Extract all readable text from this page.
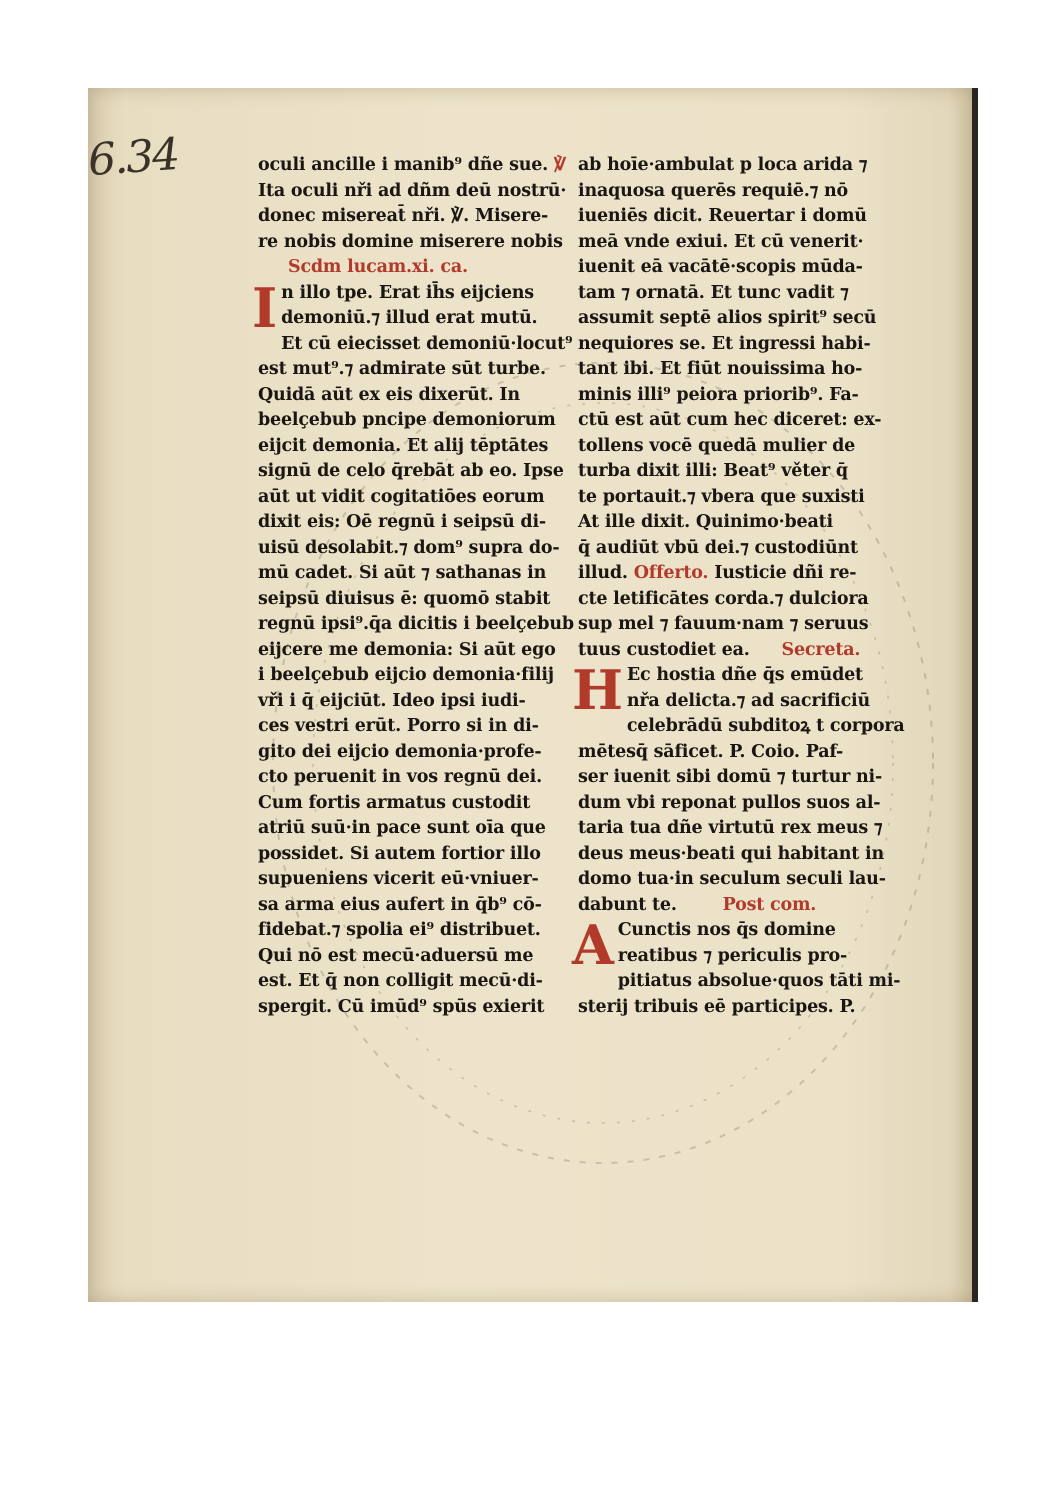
6.34	oculi ancille i manib⁹ dñe sue. ℣
Ita oculi nři ad dñm deū nostrū·
donec misereat̄ nři. ℣. Misere-
re nobis domine miserere nobis
Scdm lucam.xi. ca.
I n illo tpe. Erat ih̄s eijciens
demoniū.⁊ illud erat mutū.
Et cū eiecisset demoniū·locut⁹
est mut⁹.⁊ admirate sūt turbe.
Quidā aūt ex eis dixerūt. In
beelçebub pncipe demoniorum
eijcit demonia. Et alij tēptātes
signū de celo q̄rebāt ab eo. Ipse
aūt ut vidit cogitatiōes eorum
dixit eis: Oē regnū i seipsū di-
uisū desolabit.⁊ dom⁹ supra do-
mū cadet. Si aūt ⁊ sathanas in
seipsū diuisus ē: quomō stabit
regnū ipsi⁹.q̄a dicitis i beelçebub
eijcere me demonia: Si aūt ego
i beelçebub eijcio demonia·filij
vři i q̄ eijciūt. Ideo ipsi iudi-
ces vestri erūt. Porro si in di-
gito dei eijcio demonia·profe-
cto peruenit in vos regnū dei.
Cum fortis armatus custodit
atriū suū·in pace sunt oīa que
possidet. Si autem fortior illo
supueniens vicerit eū·vniuer-
sa arma eius aufert in q̄b⁹ cō-
fidebat.⁊ spolia ei⁹ distribuet.
Qui nō est mecū·aduersū me
est. Et q̄ non colligit mecū·di-
spergit. Cū imūd⁹ spūs exierit
ab hoīe·ambulat p loca arida ⁊
inaquosa querēs requiē.⁊ nō
iueniēs dicit. Reuertar i domū
meā vnde exiui. Et cū venerit·
iuenit eā vacātē·scopis mūda-
tam ⁊ ornatā. Et tunc vadit ⁊
assumit septē alios spirit⁹ secū
nequiores se. Et ingressi habi-
tant ibi. Et fiūt nouissima ho-
minis illi⁹ peiora priorib⁹. Fa-
ctū est aūt cum hec diceret: ex-
tollens vocē quedā mulier de
turba dixit illi: Beat⁹ věter q̄
te portauit.⁊ vbera que suxisti
At ille dixit. Quinimo·beati
q̄ audiūt vbū dei.⁊ custodiūnt
illud. Offerto. Iusticie dñi re-
cte letificātes corda.⁊ dulciora
sup mel ⁊ fauum·nam ⁊ seruus
tuus custodiet ea. Secreta.
H Ec hostia dñe q̄s emūdet
nřa delicta.⁊ ad sacrificiū
celebrādū subditoꝝ t corpora
mētesq̄ sāficet. P. Coio. Paf-
ser iuenit sibi domū ⁊ turtur ni-
dum vbi reponat pullos suos al-
taria tua dñe virtutū rex meus ⁊
deus meus·beati qui habitant in
domo tua·in seculum seculi lau-
dabunt te.	Post com.
A Cunctis nos q̄s domine
reatibus ⁊ periculis pro-
pitiatus absolue·quos tāti mi-
sterij tribuis eē participes. P.
